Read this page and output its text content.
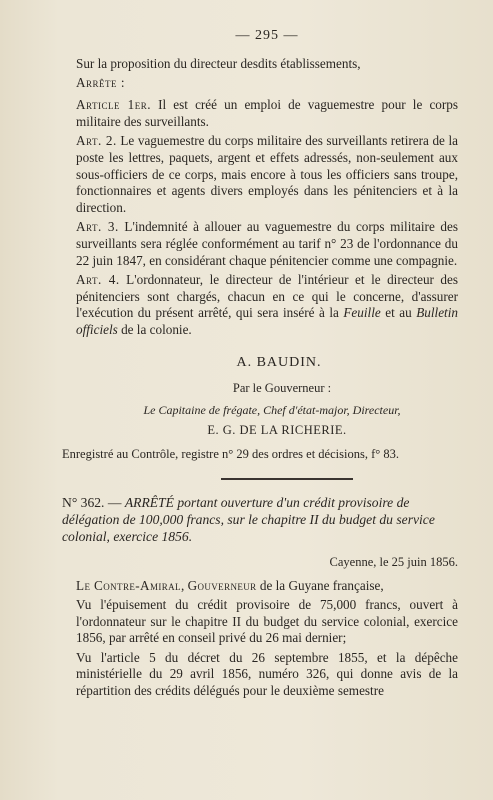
— 295 —

Sur la proposition du directeur desdits établissements,

Arrête :

Article 1er. Il est créé un emploi de vaguemestre pour le corps militaire des surveillants.

Art. 2. Le vaguemestre du corps militaire des surveillants retirera de la poste les lettres, paquets, argent et effets adressés, non-seulement aux sous-officiers de ce corps, mais encore à tous les officiers sans troupe, fonctionnaires et agents divers employés dans les pénitenciers et à la direction.

Art. 3. L'indemnité à allouer au vaguemestre du corps militaire des surveillants sera réglée conformément au tarif n° 23 de l'ordonnance du 22 juin 1847, en considérant chaque pénitencier comme une compagnie.

Art. 4. L'ordonnateur, le directeur de l'intérieur et le directeur des pénitenciers sont chargés, chacun en ce qui le concerne, d'assurer l'exécution du présent arrêté, qui sera inséré à la Feuille et au Bulletin officiels de la colonie.

A. BAUDIN.

Par le Gouverneur :

Le Capitaine de frégate, Chef d'état-major, Directeur,

E. G. DE LA RICHERIE.

Enregistré au Contrôle, registre n° 29 des ordres et décisions, f° 83.

N° 362. — ARRÊTÉ portant ouverture d'un crédit provisoire de délégation de 100,000 francs, sur le chapitre II du budget du service colonial, exercice 1856.

Cayenne, le 25 juin 1856.

Le Contre-Amiral, Gouverneur de la Guyane française,

Vu l'épuisement du crédit provisoire de 75,000 francs, ouvert à l'ordonnateur sur le chapitre II du budget du service colonial, exercice 1856, par arrêté en conseil privé du 26 mai dernier;

Vu l'article 5 du décret du 26 septembre 1855, et la dépêche ministérielle du 29 avril 1856, numéro 326, qui donne avis de la répartition des crédits délégués pour le deuxième semestre
